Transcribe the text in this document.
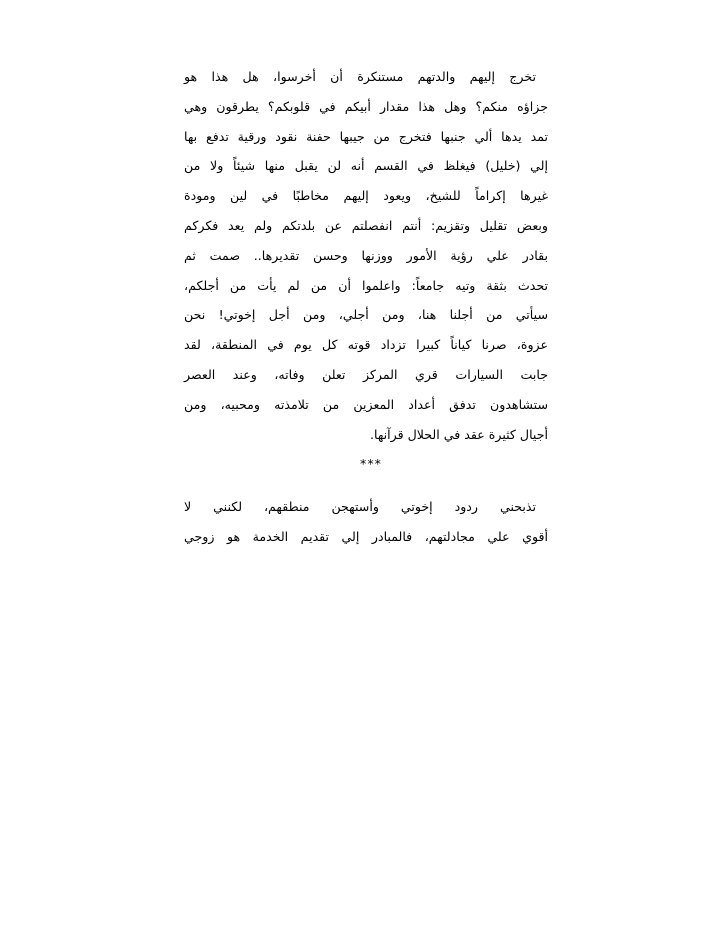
تخرج إليهم والدتهم مستنكرة أن أخرسوا، هل هذا هو
جزاؤه منكم؟ وهل هذا مقدار أبيكم في قلوبكم؟ يطرقون وهي
تمد يدها ألي جنبها فتخرج من جيبها حفنة نقود ورقية تدفع بها
إلي (خليل) فيغلظ في القسم أنه لن يقبل منها شيئاً ولا من
غيرها إكراماً للشيخ، ويعود إليهم مخاطبًا في لين ومودة
وبعض تقليل وتقزيم: أنتم انفصلتم عن بلدتكم ولم يعد فكركم
بقادر علي رؤية الأمور ووزنها وحسن تقديرها.. صمت ثم
تحدث بثقة وتيه جامعاً: واعلموا أن من لم يأت من أجلكم،
سيأتي من أجلنا هنا، ومن أجلي، ومن أجل إخوتي! نحن
عزوة، صرنا كياناً كبيرا تزداد قوته كل يوم في المنطقة، لقد
جابت السيارات قري المركز تعلن وفاته، وعند العصر
ستشاهدون تدفق أعداد المعزين من تلامذته ومحبيه، ومن
أجيال كثيرة عقد في الحلال قرآنها.
***
تذبحني ردود إخوتي وأستهجن منطقهم، لكنني لا
أقوي علي مجادلتهم، فالمبادر إلي تقديم الخدمة هو زوجي
